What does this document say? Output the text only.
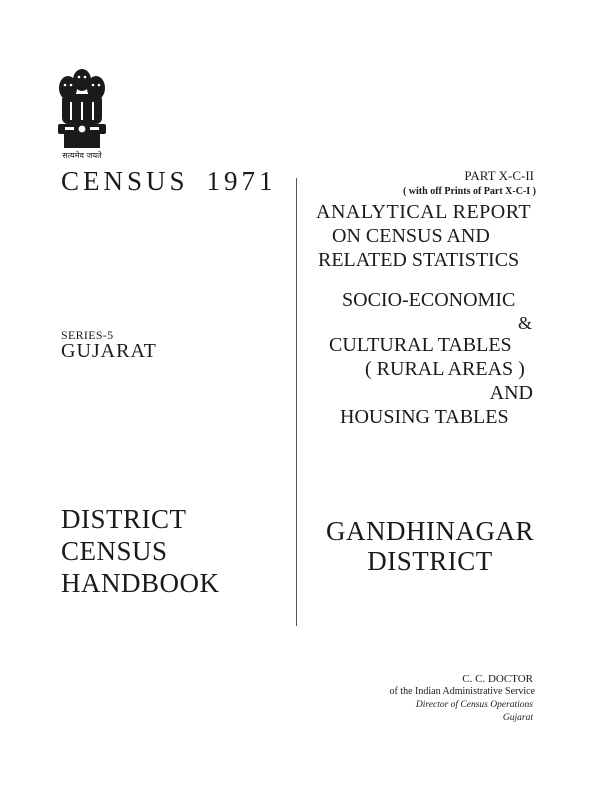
सत्यमेव जयते
CENSUS 1971
SERIES-5
GUJARAT
DISTRICT
CENSUS
HANDBOOK
PART X-C-II
( with off Prints of Part X-C-I )
ANALYTICAL REPORT
ON CENSUS AND
RELATED STATISTICS
SOCIO-ECONOMIC
&
CULTURAL TABLES
( RURAL AREAS )
AND
HOUSING TABLES
GANDHINAGAR
DISTRICT
C. C. DOCTOR
of the Indian Administrative Service
Director of Census Operations
Gujarat
